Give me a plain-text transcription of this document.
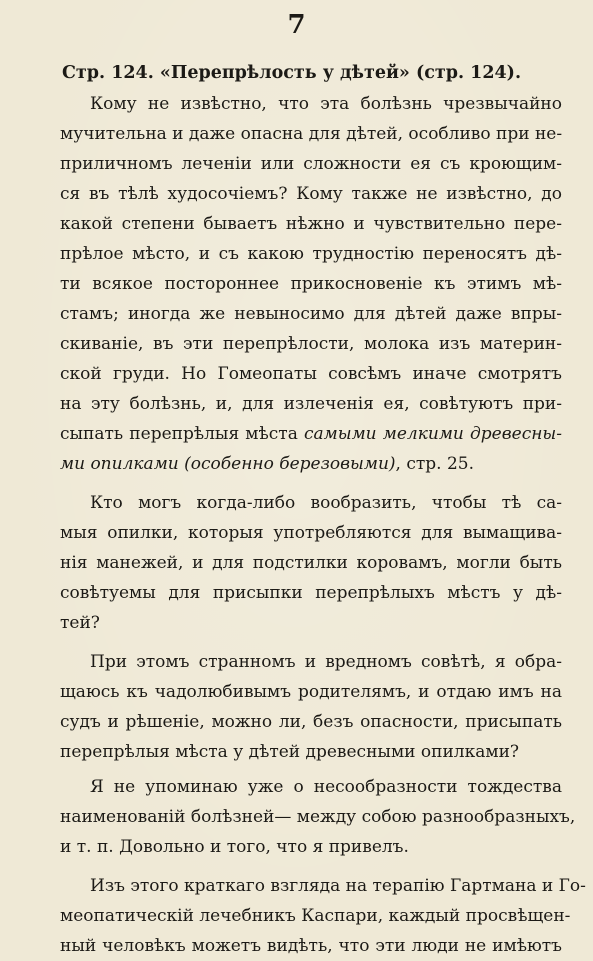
7
Стр. 124. «Перепрѣлость у дѣтей» (стр. 124).
Кому не извѣстно, что эта болѣзнь чрезвычайно
мучительна и даже опасна для дѣтей, особливо при не-
приличномъ леченіи или сложности ея съ кроющим-
ся въ тѣлѣ худосочіемъ? Кому также не извѣстно, до
какой степени бываетъ нѣжно и чувствительно пере-
прѣлое мѣсто, и съ какою трудностію переносятъ дѣ-
ти всякое постороннее прикосновеніе къ этимъ мѣ-
стамъ; иногда же невыносимо для дѣтей даже впры-
скиваніе, въ эти перепрѣлости, молока изъ материн-
ской груди. Но Гомеопаты совсѣмъ иначе смотрятъ
на эту болѣзнь, и, для излеченія ея, совѣтуютъ при-
сыпать перепрѣлыя мѣста самыми мелкими древесны-
ми опилками (особенно березовыми), стр. 25.
Кто могъ когда-либо вообразить, чтобы тѣ са-
мыя опилки, которыя употребляются для вымащива-
нія манежей, и для подстилки коровамъ, могли быть
совѣтуемы для присыпки перепрѣлыхъ мѣстъ у дѣ-
тей?
При этомъ странномъ и вредномъ совѣтѣ, я обра-
щаюсь къ чадолюбивымъ родителямъ, и отдаю имъ на
судъ и рѣшеніе, можно ли, безъ опасности, присыпать
перепрѣлыя мѣста у дѣтей древесными опилками?
Я не упоминаю уже о несообразности тождества
наименованій болѣзней— между собою разнообразныхъ,
и т. п. Довольно и того, что я привелъ.
Изъ этого краткаго взгляда на терапію Гартмана и Го-
меопатическій лечебникъ Каспари, каждый просвѣщен-
ный человѣкъ можетъ видѣть, что эти люди не имѣютъ
